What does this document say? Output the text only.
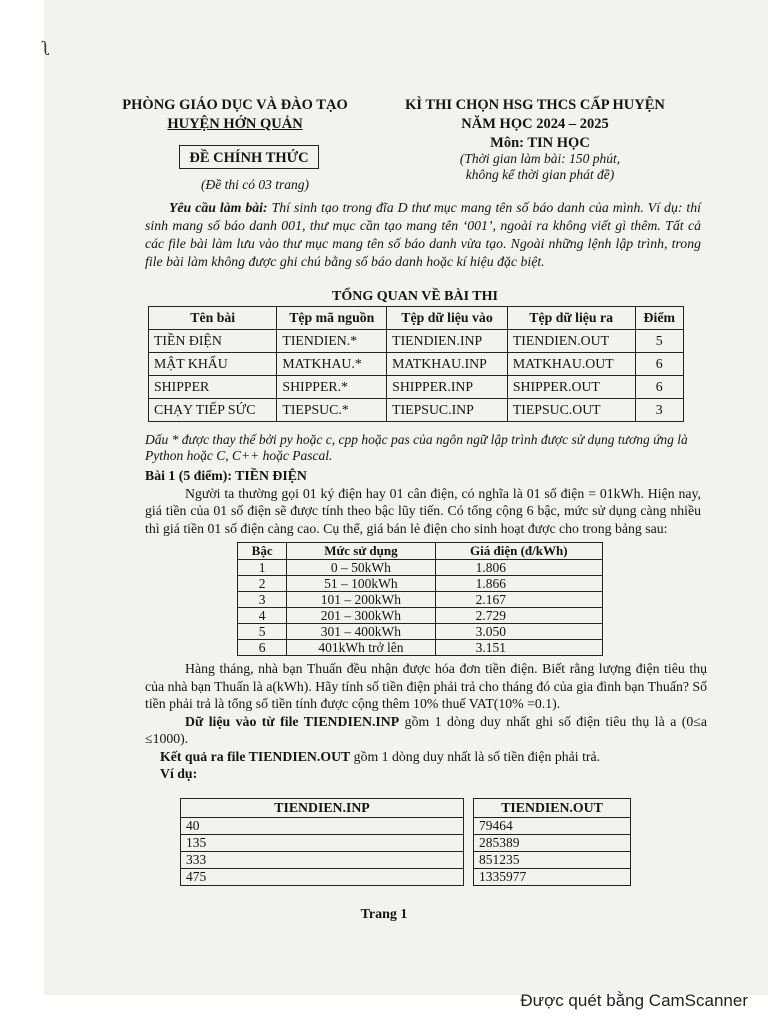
ʅ
PHÒNG GIÁO DỤC VÀ ĐÀO TẠO
HUYỆN HỚN QUẢN
KÌ THI CHỌN HSG THCS CẤP HUYỆN
NĂM HỌC 2024 – 2025
ĐỀ CHÍNH THỨC
(Đề thi có 03 trang)
Môn: TIN HỌC
(Thời gian làm bài: 150 phút,
không kể thời gian phát đề)
Yêu cầu làm bài: Thí sinh tạo trong đĩa D thư mục mang tên số báo danh của mình. Ví dụ: thí sinh mang số báo danh 001, thư mục cần tạo mang tên ‘001’, ngoài ra không viết gì thêm. Tất cả các file bài làm lưu vào thư mục mang tên số báo danh vừa tạo. Ngoài những lệnh lập trình, trong file bài làm không được ghi chú bằng số báo danh hoặc kí hiệu đặc biệt.
TỔNG QUAN VỀ BÀI THI
Tên bài	Tệp mã nguồn	Tệp dữ liệu vào	Tệp dữ liệu ra	Điểm
TIỀN ĐIỆN	TIENDIEN.*	TIENDIEN.INP	TIENDIEN.OUT	5
MẬT KHẨU	MATKHAU.*	MATKHAU.INP	MATKHAU.OUT	6
SHIPPER	SHIPPER.*	SHIPPER.INP	SHIPPER.OUT	6
CHẠY TIẾP SỨC	TIEPSUC.*	TIEPSUC.INP	TIEPSUC.OUT	3
Dấu * được thay thế bởi py hoặc c, cpp hoặc pas của ngôn ngữ lập trình được sử dụng tương ứng là Python hoặc C, C++ hoặc Pascal.
Bài 1 (5 điểm): TIỀN ĐIỆN
Người ta thường gọi 01 ký điện hay 01 cân điện, có nghĩa là 01 số điện = 01kWh. Hiện nay, giá tiền của 01 số điện sẽ được tính theo bậc lũy tiến. Có tổng cộng 6 bậc, mức sử dụng càng nhiều thì giá tiền 01 số điện càng cao. Cụ thể, giá bán lẻ điện cho sinh hoạt được cho trong bảng sau:
Bậc	Mức sử dụng	Giá điện (đ/kWh)
1	0 – 50kWh	1.806
2	51 – 100kWh	1.866
3	101 – 200kWh	2.167
4	201 – 300kWh	2.729
5	301 – 400kWh	3.050
6	401kWh trở lên	3.151
Hàng tháng, nhà bạn Thuấn đều nhận được hóa đơn tiền điện. Biết rằng lượng điện tiêu thụ của nhà bạn Thuấn là a(kWh). Hãy tính số tiền điện phải trả cho tháng đó của gia đình bạn Thuấn? Số tiền phải trả là tổng số tiền tính được cộng thêm 10% thuế VAT(10% =0.1).
Dữ liệu vào từ file TIENDIEN.INP gồm 1 dòng duy nhất ghi số điện tiêu thụ là a (0≤a ≤1000).
Kết quả ra file TIENDIEN.OUT gồm 1 dòng duy nhất là số tiền điện phải trả.
Ví dụ:
TIENDIEN.INP
40
135
333
475
TIENDIEN.OUT
79464
285389
851235
1335977
Trang 1
Được quét bằng CamScanner
